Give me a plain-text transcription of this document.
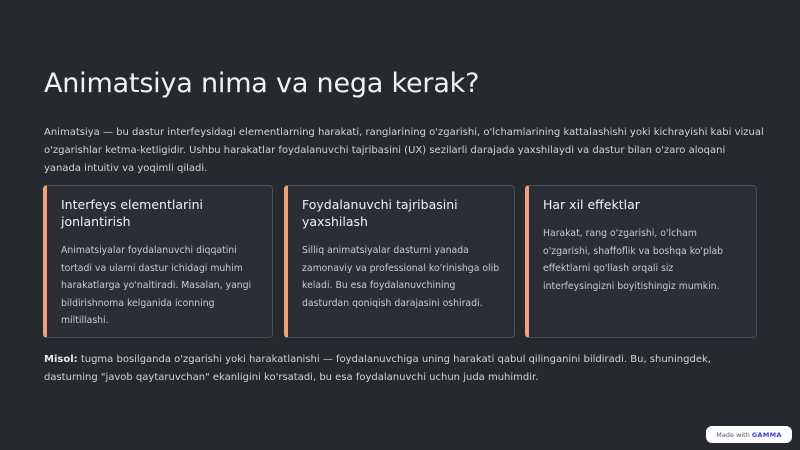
Animatsiya nima va nega kerak?

Animatsiya — bu dastur interfeysidagi elementlarning harakati, ranglarining o'zgarishi, o'lchamlarining kattalashishi yoki kichrayishi kabi vizual o'zgarishlar ketma-ketligidir. Ushbu harakatlar foydalanuvchi tajribasini (UX) sezilarli darajada yaxshilaydi va dastur bilan o'zaro aloqani yanada intuitiv va yoqimli qiladi.

Interfeys elementlarini jonlantirish

Animatsiyalar foydalanuvchi diqqatini tortadi va ularni dastur ichidagi muhim harakatlarga yo'naltiradi. Masalan, yangi bildirishnoma kelganida iconning miltillashi.

Foydalanuvchi tajribasini yaxshilash

Silliq animatsiyalar dasturni yanada zamonaviy va professional ko'rinishga olib keladi. Bu esa foydalanuvchining dasturdan qoniqish darajasini oshiradi.

Har xil effektlar

Harakat, rang o'zgarishi, o'lcham o'zgarishi, shaffoflik va boshqa ko'plab effektlarni qo'llash orqali siz interfeysingizni boyitishingiz mumkin.

Misol: tugma bosilganda o'zgarishi yoki harakatlanishi — foydalanuvchiga uning harakati qabul qilinganini bildiradi. Bu, shuningdek, dasturning "javob qaytaruvchan" ekanligini ko'rsatadi, bu esa foydalanuvchi uchun juda muhimdir.

Made with GAMMA
